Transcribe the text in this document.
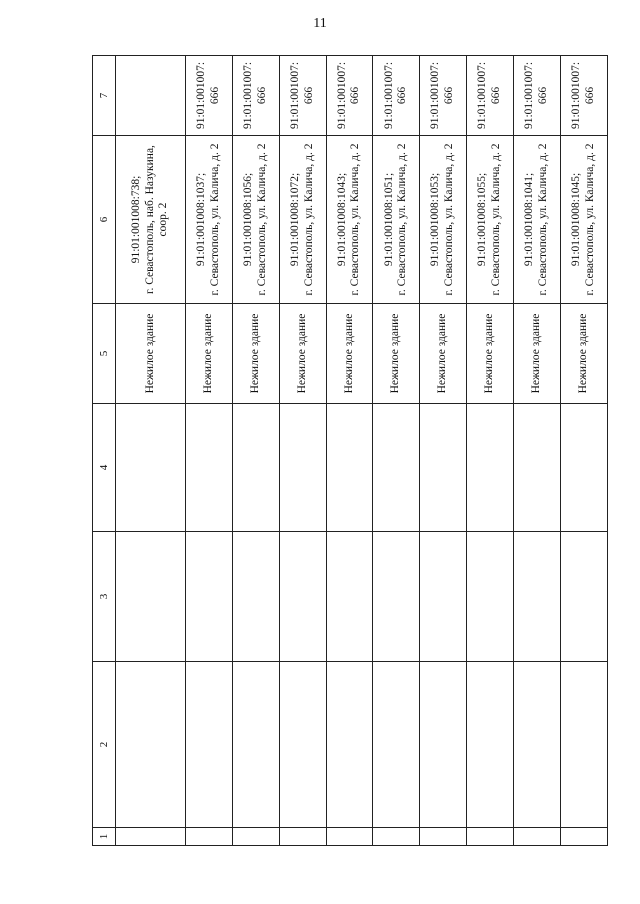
11
1	2	3	4	5	6	7

				Нежилое здание	91:01:001008:738; г. Севастополь, наб. Назукина, соор. 2	

				Нежилое здание	91:01:001008:1037; г. Севастополь, ул. Калича, д. 2	91:01:001007: 666

				Нежилое здание	91:01:001008:1056; г. Севастополь, ул. Калича, д. 2	91:01:001007: 666

				Нежилое здание	91:01:001008:1072; г. Севастополь, ул. Калича, д. 2	91:01:001007: 666

				Нежилое здание	91:01:001008:1043; г. Севастополь, ул. Калича, д. 2	91:01:001007: 666

				Нежилое здание	91:01:001008:1051; г. Севастополь, ул. Калича, д. 2	91:01:001007: 666

				Нежилое здание	91:01:001008:1053; г. Севастополь, ул. Калича, д. 2	91:01:001007: 666

				Нежилое здание	91:01:001008:1055; г. Севастополь, ул. Калича, д. 2	91:01:001007: 666

				Нежилое здание	91:01:001008:1041; г. Севастополь, ул. Калича, д. 2	91:01:001007: 666

				Нежилое здание	91:01:001008:1045; г. Севастополь, ул. Калича, д. 2	91:01:001007: 666
